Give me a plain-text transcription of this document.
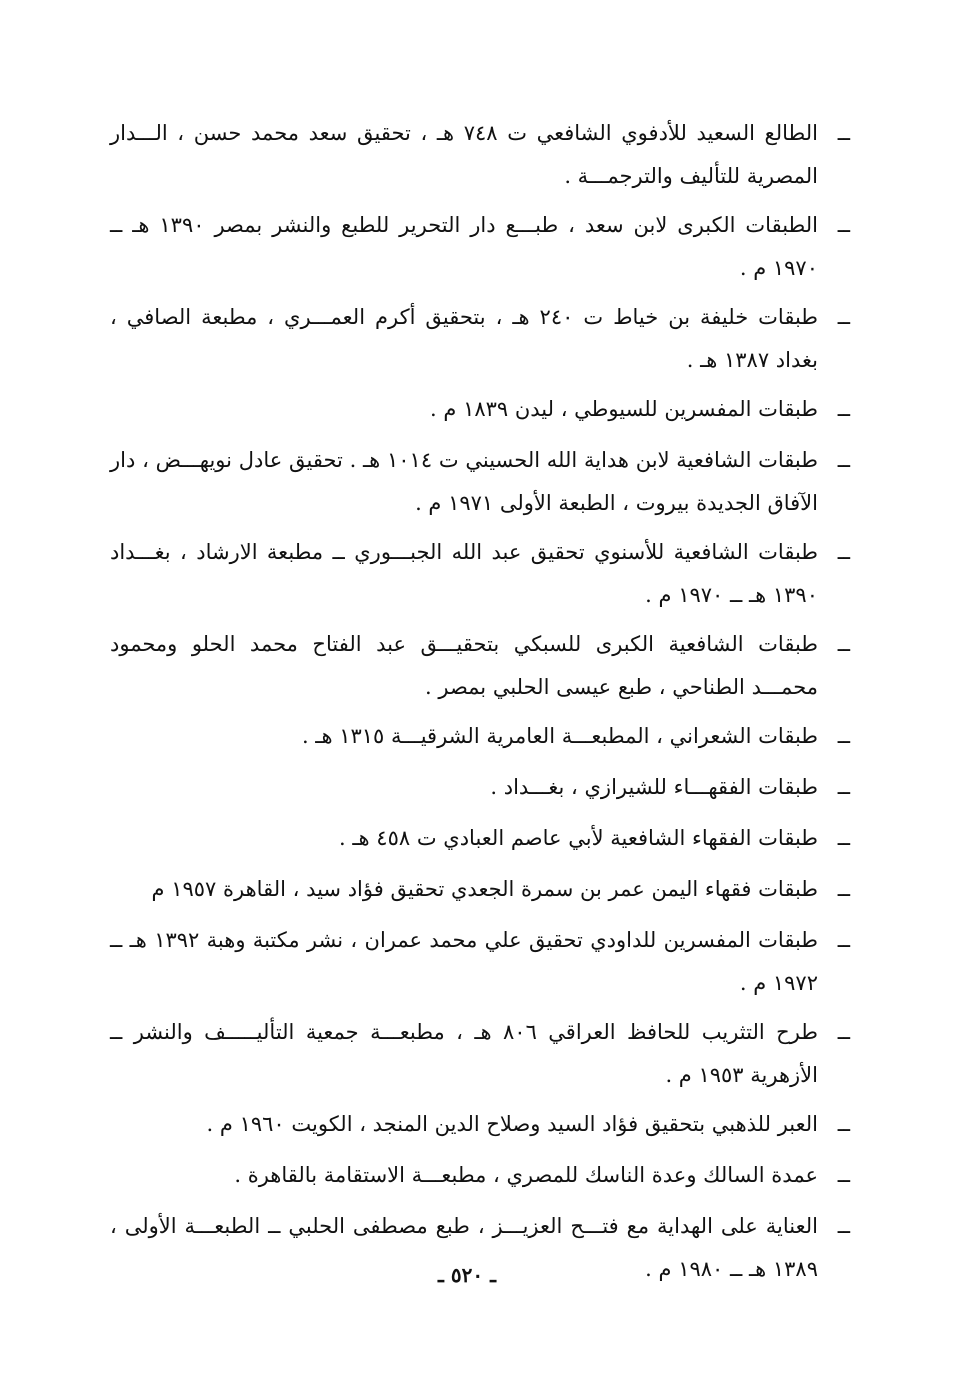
ــ
الطالع السعيد للأدفوي الشافعي ت ٧٤٨ هـ ، تحقيق سعد محمد حسن ، الـــدار المصرية للتأليف والترجمـــة .
ــ
الطبقات الكبرى لابن سعد ، طبـــع دار التحرير للطبع والنشر بمصر ١٣٩٠ هـ ــ ١٩٧٠ م .
ــ
طبقات خليفة بن خياط ت ٢٤٠ هـ ، بتحقيق أكرم العمـــري ، مطبعة الصافي ، بغداد ١٣٨٧ هـ .
ــ
طبقات المفسرين للسيوطي ، ليدن ١٨٣٩ م .
ــ
طبقات الشافعية لابن هداية الله الحسيني ت ١٠١٤ هـ . تحقيق عادل نويهـــض ، دار الآفاق الجديدة بيروت ، الطبعة الأولى ١٩٧١ م .
ــ
طبقات الشافعية للأسنوي تحقيق عبد الله الجبـــوري ــ مطبعة الارشاد ، بغـــداد ١٣٩٠ هـ ــ ١٩٧٠ م .
ــ
طبقات الشافعية الكبرى للسبكي بتحقيـــق عبد الفتاح محمد الحلو ومحمود محمـــد الطناحي ، طبع عيسى الحلبي بمصر .
ــ
طبقات الشعراني ، المطبعـــة العامرية الشرقيـــة ١٣١٥ هـ .
ــ
طبقات الفقهـــاء للشيرازي ، بغـــداد .
ــ
طبقات الفقهاء الشافعية لأبي عاصم العبادي ت ٤٥٨ هـ .
ــ
طبقات فقهاء اليمن عمر بن سمرة الجعدي تحقيق فؤاد سيد ، القاهرة ١٩٥٧ م
ــ
طبقات المفسرين للداودي تحقيق علي محمد عمران ، نشر مكتبة وهبة ١٣٩٢ هـ ــ ١٩٧٢ م .
ــ
طرح التثريب للحافظ العراقي ٨٠٦ هـ ، مطبعـــة جمعية التأليـــــف والنشر ــ الأزهرية ١٩٥٣ م .
ــ
العبر للذهبي بتحقيق فؤاد السيد وصلاح الدين المنجد ، الكويت ١٩٦٠ م .
ــ
عمدة السالك وعدة الناسك للمصري ، مطبعـــة الاستقامة بالقاهرة .
ــ
العناية على الهداية مع فتـــح العزيـــز ، طبع مصطفى الحلبي ــ الطبعـــة الأولى ، ١٣٨٩ هـ ــ ١٩٨٠ م .
ـ ٥٢٠ ـ
